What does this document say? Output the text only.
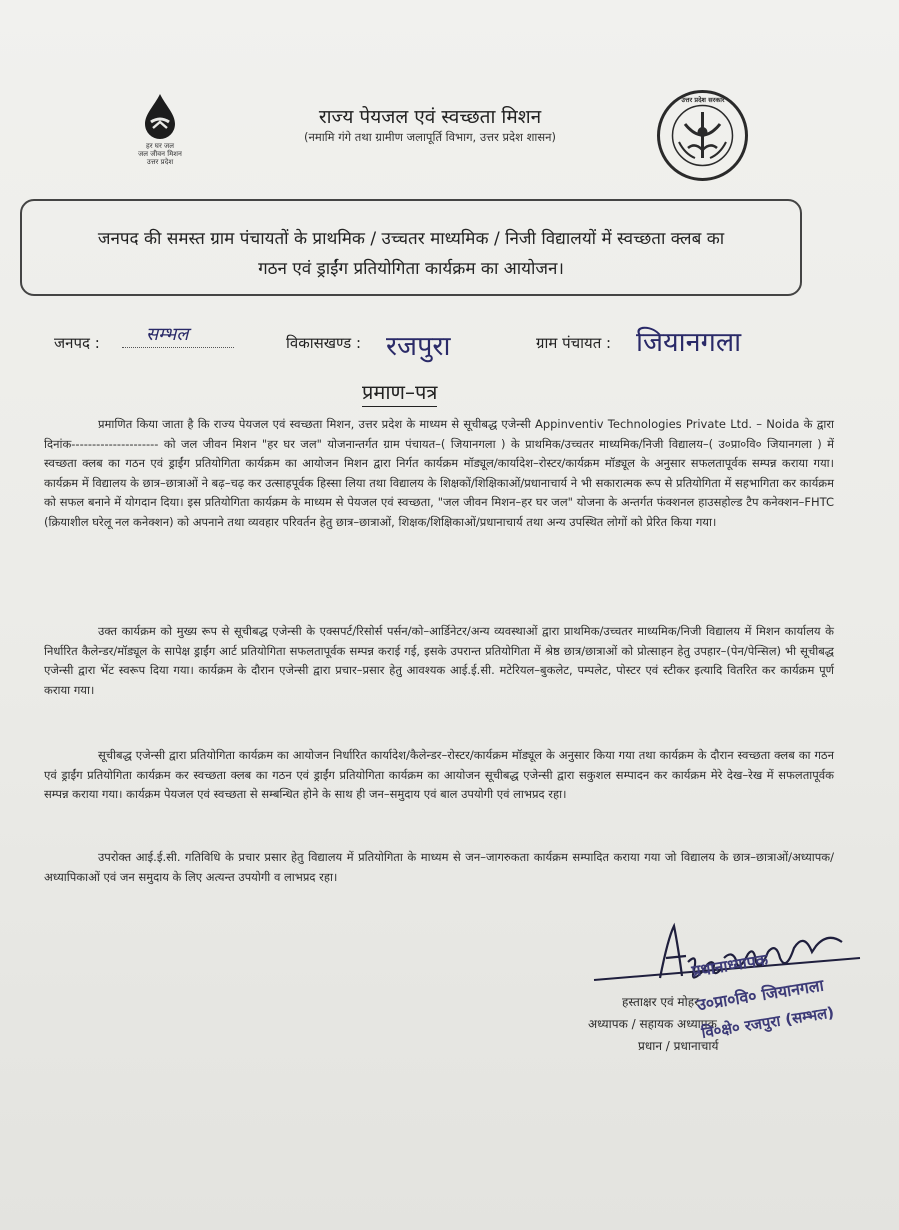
हर घर जल
जल जीवन मिशन
उत्तर प्रदेश
राज्य पेयजल एवं स्वच्छता मिशन
(नमामि गंगे तथा ग्रामीण जलापूर्ति विभाग, उत्तर प्रदेश शासन)
उत्तर प्रदेश सरकार
जनपद की समस्त ग्राम पंचायतों के प्राथमिक / उच्चतर माध्यमिक / निजी विद्यालयों में स्वच्छता क्लब का
गठन एवं ड्राईंग प्रतियोगिता कार्यक्रम का आयोजन।
जनपद :	सम्भल	विकासखण्ड : रजपुरा	ग्राम पंचायत : जियानगला
प्रमाण–पत्र
प्रमाणित किया जाता है कि राज्य पेयजल एवं स्वच्छता मिशन, उत्तर प्रदेश के माध्यम से सूचीबद्ध एजेन्सी Appinventiv Technologies Private Ltd. – Noida के द्वारा दिनांक--------------------- को जल जीवन मिशन "हर घर जल" योजनान्तर्गत ग्राम पंचायत–( जियानगला ) के प्राथमिक/उच्चतर माध्यमिक/निजी विद्यालय–( उ०प्रा०वि० जियानगला ) में स्वच्छता क्लब का गठन एवं ड्राईंग प्रतियोगिता कार्यक्रम का आयोजन मिशन द्वारा निर्गत कार्यक्रम मॉड्यूल/कार्यादेश–रोस्टर/कार्यक्रम मॉड्यूल के अनुसार सफलतापूर्वक सम्पन्न कराया गया। कार्यक्रम में विद्यालय के छात्र–छात्राओं ने बढ़–चढ़ कर उत्साहपूर्वक हिस्सा लिया तथा विद्यालय के शिक्षकों/शिक्षिकाओं/प्रधानाचार्य ने भी सकारात्मक रूप से प्रतियोगिता में सहभागिता कर कार्यक्रम को सफल बनाने में योगदान दिया। इस प्रतियोगिता कार्यक्रम के माध्यम से पेयजल एवं स्वच्छता, "जल जीवन मिशन–हर घर जल" योजना के अन्तर्गत फंक्शनल हाउसहोल्ड टैप कनेक्शन–FHTC (क्रियाशील घरेलू नल कनेक्शन) को अपनाने तथा व्यवहार परिवर्तन हेतु छात्र–छात्राओं, शिक्षक/शिक्षिकाओं/प्रधानाचार्य तथा अन्य उपस्थित लोगों को प्रेरित किया गया।
उक्त कार्यक्रम को मुख्य रूप से सूचीबद्ध एजेन्सी के एक्सपर्ट/रिसोर्स पर्सन/को–आर्डिनेटर/अन्य व्यवस्थाओं द्वारा प्राथमिक/उच्चतर माध्यमिक/निजी विद्यालय में मिशन कार्यालय के निर्धारित कैलेन्डर/मॉड्यूल के सापेक्ष ड्राईंग आर्ट प्रतियोगिता सफलतापूर्वक सम्पन्न कराई गई, इसके उपरान्त प्रतियोगिता में श्रेष्ठ छात्र/छात्राओं को प्रोत्साहन हेतु उपहार–(पेन/पेन्सिल) भी सूचीबद्ध एजेन्सी द्वारा भेंट स्वरूप दिया गया। कार्यक्रम के दौरान एजेन्सी द्वारा प्रचार–प्रसार हेतु आवश्यक आई.ई.सी. मटेरियल–बुकलेट, पम्पलेट, पोस्टर एवं स्टीकर इत्यादि वितरित कर कार्यक्रम पूर्ण कराया गया।
सूचीबद्ध एजेन्सी द्वारा प्रतियोगिता कार्यक्रम का आयोजन निर्धारित कार्यादेश/कैलेन्डर–रोस्टर/कार्यक्रम मॉड्यूल के अनुसार किया गया तथा कार्यक्रम के दौरान स्वच्छता क्लब का गठन एवं ड्राईंग प्रतियोगिता कार्यक्रम कर स्वच्छता क्लब का गठन एवं ड्राईंग प्रतियोगिता कार्यक्रम का आयोजन सूचीबद्ध एजेन्सी द्वारा सकुशल सम्पादन कर कार्यक्रम मेरे देख–रेख में सफलतापूर्वक सम्पन्न कराया गया। कार्यक्रम पेयजल एवं स्वच्छता से सम्बन्धित होने के साथ ही जन–समुदाय एवं बाल उपयोगी एवं लाभप्रद रहा।
उपरोक्त आई.ई.सी. गतिविधि के प्रचार प्रसार हेतु विद्यालय में प्रतियोगिता के माध्यम से जन–जागरुकता कार्यक्रम सम्पादित कराया गया जो विद्यालय के छात्र–छात्राओं/अध्यापक/अध्यापिकाओं एवं जन समुदाय के लिए अत्यन्त उपयोगी व लाभप्रद रहा।
हस्ताक्षर एवं मोहर
अध्यापक / सहायक अध्यापक
प्रधान / प्रधानाचार्य
प्रधानाध्यापक
उ०प्रा०वि० जियानगला
वि०क्षे० रजपुरा (सम्भल)
